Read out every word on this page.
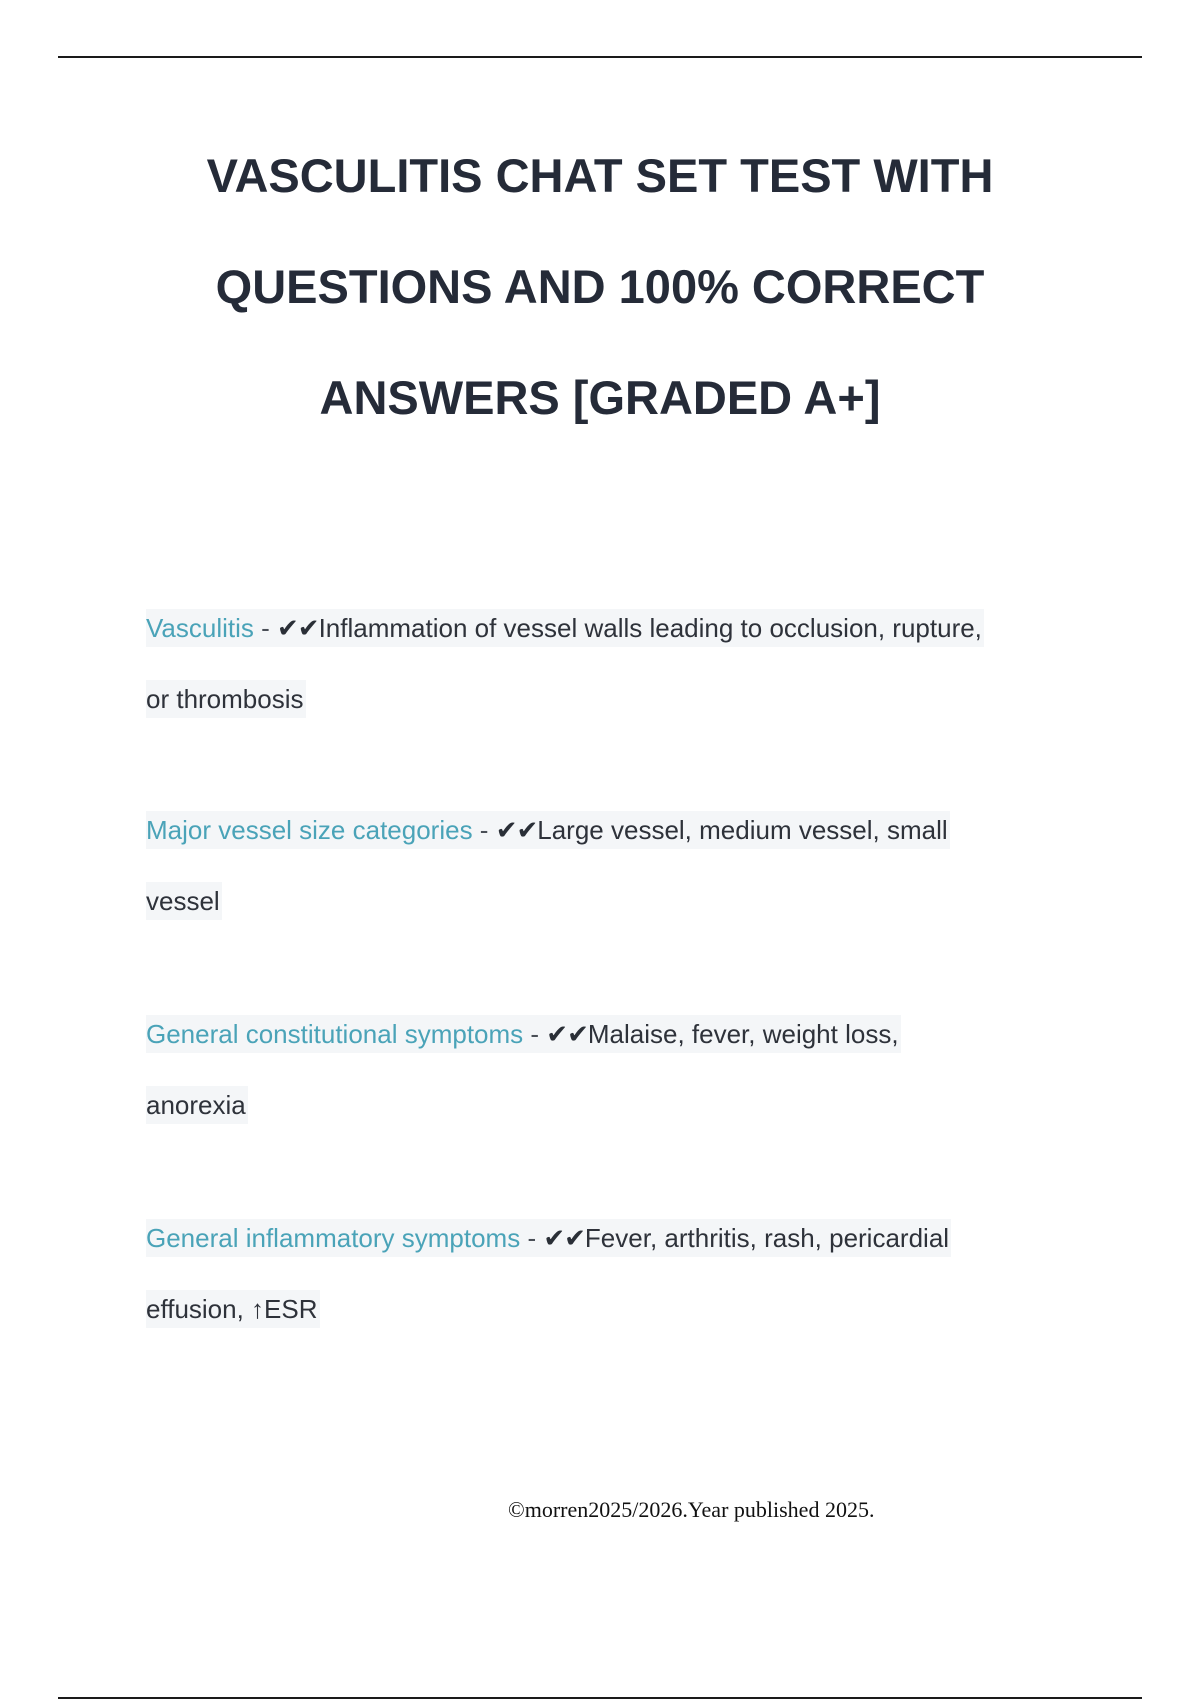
VASCULITIS CHAT SET TEST WITH
QUESTIONS AND 100% CORRECT
ANSWERS [GRADED A+]

Vasculitis - ✔✔Inflammation of vessel walls leading to occlusion, rupture,
or thrombosis

Major vessel size categories - ✔✔Large vessel, medium vessel, small
vessel

General constitutional symptoms - ✔✔Malaise, fever, weight loss,
anorexia

General inflammatory symptoms - ✔✔Fever, arthritis, rash, pericardial
effusion, ↑ESR

©morren2025/2026.Year published 2025.
